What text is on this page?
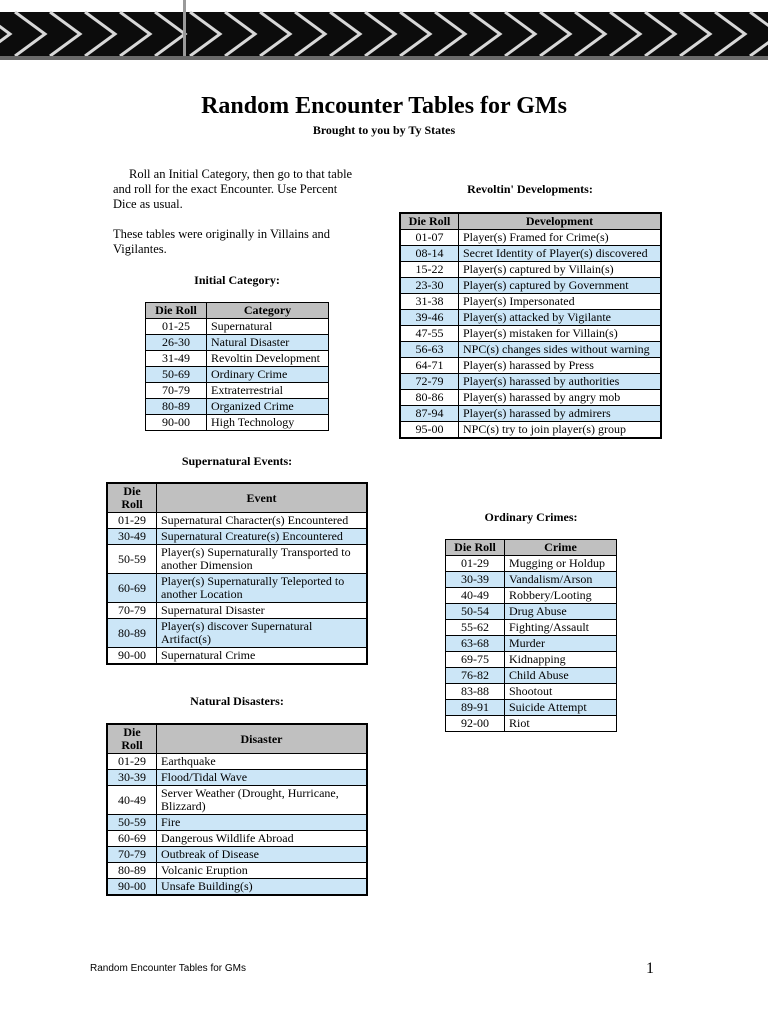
Random Encounter Tables for GMs
Brought to you by Ty States
Roll an Initial Category, then go to that table and roll for the exact Encounter. Use Percent Dice as usual.
These tables were originally in Villains and Vigilantes.
Initial Category:
Die Roll	Category
01-25	Supernatural
26-30	Natural Disaster
31-49	Revoltin Development
50-69	Ordinary Crime
70-79	Extraterrestrial
80-89	Organized Crime
90-00	High Technology
Supernatural Events:
Die Roll	Event
01-29	Supernatural Character(s) Encountered
30-49	Supernatural Creature(s) Encountered
50-59	Player(s) Supernaturally Transported to another Dimension
60-69	Player(s) Supernaturally Teleported to another Location
70-79	Supernatural Disaster
80-89	Player(s) discover Supernatural Artifact(s)
90-00	Supernatural Crime
Natural Disasters:
Die Roll	Disaster
01-29	Earthquake
30-39	Flood/Tidal Wave
40-49	Server Weather (Drought, Hurricane, Blizzard)
50-59	Fire
60-69	Dangerous Wildlife Abroad
70-79	Outbreak of Disease
80-89	Volcanic Eruption
90-00	Unsafe Building(s)
Revoltin' Developments:
Die Roll	Development
01-07	Player(s) Framed for Crime(s)
08-14	Secret Identity of Player(s) discovered
15-22	Player(s) captured by Villain(s)
23-30	Player(s) captured by Government
31-38	Player(s) Impersonated
39-46	Player(s) attacked by Vigilante
47-55	Player(s) mistaken for Villain(s)
56-63	NPC(s) changes sides without warning
64-71	Player(s) harassed by Press
72-79	Player(s) harassed by authorities
80-86	Player(s) harassed by angry mob
87-94	Player(s) harassed by admirers
95-00	NPC(s) try to join player(s) group
Ordinary Crimes:
Die Roll	Crime
01-29	Mugging or Holdup
30-39	Vandalism/Arson
40-49	Robbery/Looting
50-54	Drug Abuse
55-62	Fighting/Assault
63-68	Murder
69-75	Kidnapping
76-82	Child Abuse
83-88	Shootout
89-91	Suicide Attempt
92-00	Riot
Random Encounter Tables for GMs	1
